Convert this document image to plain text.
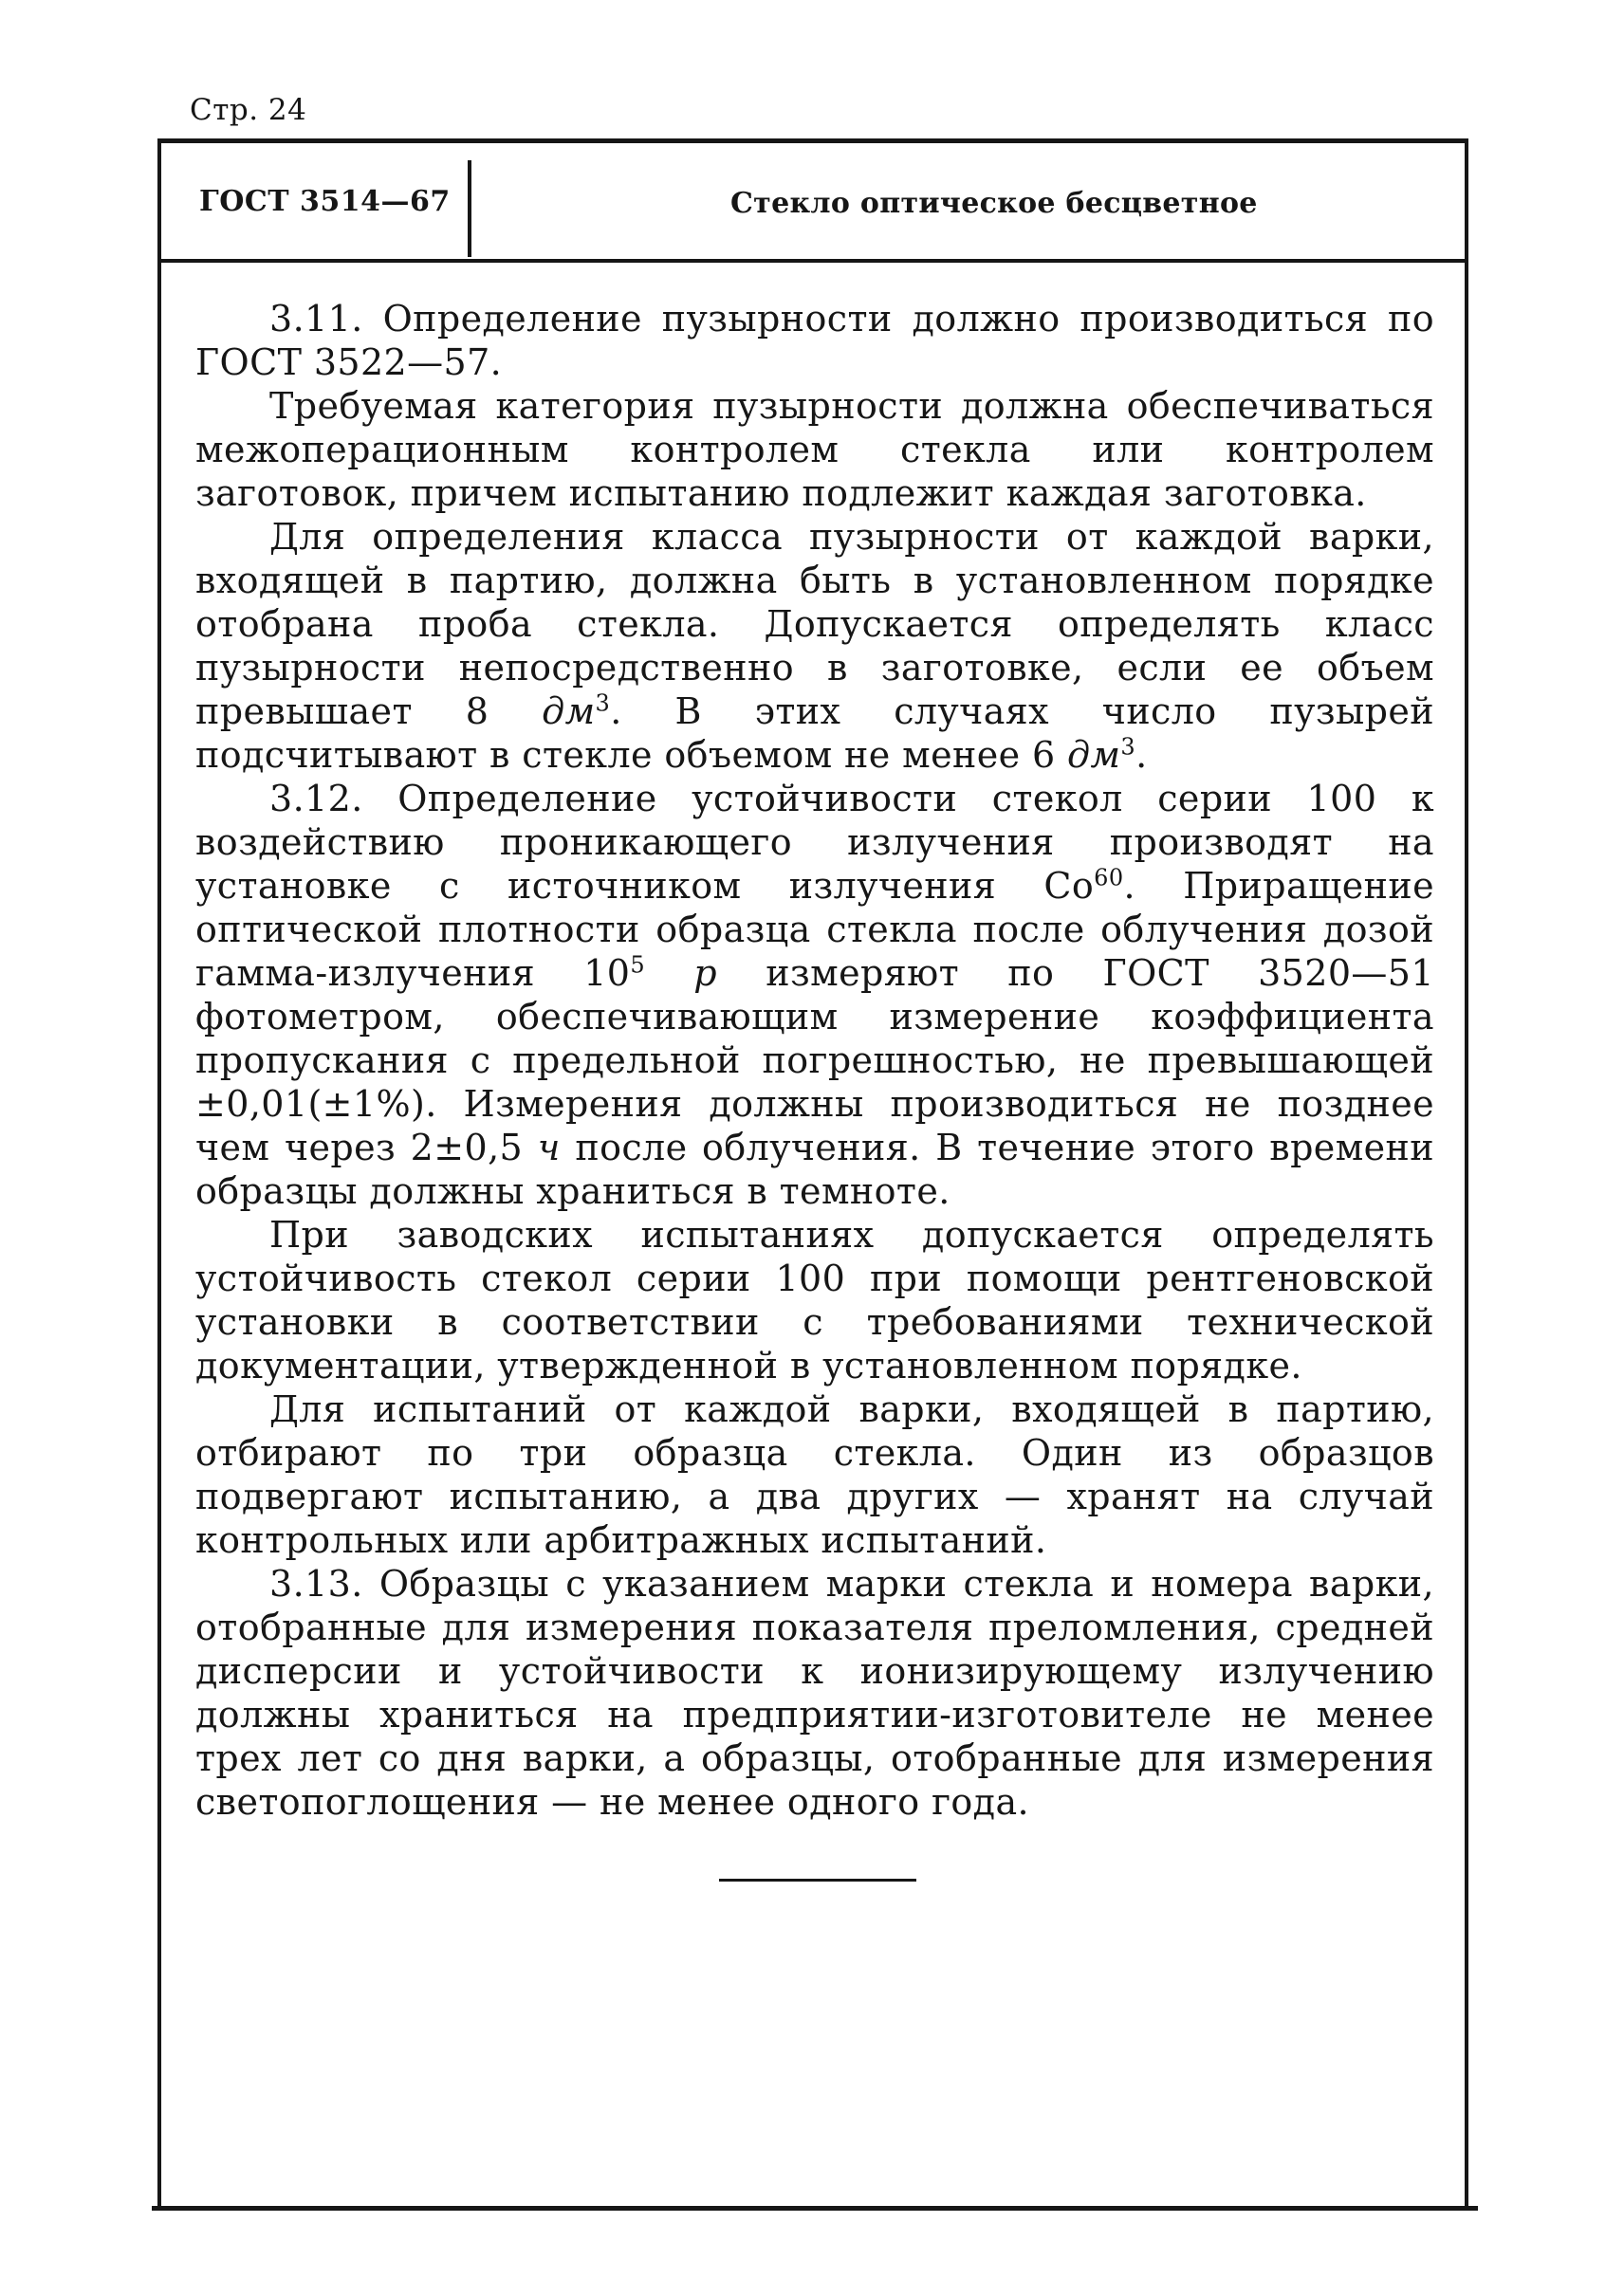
Стр. 24
ГОСТ 3514—67	Стекло оптическое бесцветное

3.11. Определение пузырности должно производиться по ГОСТ 3522—57.

Требуемая категория пузырности должна обеспечиваться межоперационным контролем стекла или контролем заготовок, причем испытанию подлежит каждая заготовка.

Для определения класса пузырности от каждой варки, входящей в партию, должна быть в установленном порядке отобрана проба стекла. Допускается определять класс пузырности непосредственно в заготовке, если ее объем превышает 8 $дм^3$. В этих случаях число пузырей подсчитывают в стекле объемом не менее 6 $дм^3$.

3.12. Определение устойчивости стекол серии 100 к воздействию проникающего излучения производят на установке с источником излучения Co$^{60}$. Приращение оптической плотности образца стекла после облучения дозой гамма-излучения $10^5$ р измеряют по ГОСТ 3520—51 фотометром, обеспечивающим измерение коэффициента пропускания с предельной погрешностью, не превышающей ±0,01(±1%). Измерения должны производиться не позднее чем через 2±0,5 ч после облучения. В течение этого времени образцы должны храниться в темноте.

При заводских испытаниях допускается определять устойчивость стекол серии 100 при помощи рентгеновской установки в соответствии с требованиями технической документации, утвержденной в установленном порядке.

Для испытаний от каждой варки, входящей в партию, отбирают по три образца стекла. Один из образцов подвергают испытанию, а два других — хранят на случай контрольных или арбитражных испытаний.

3.13. Образцы с указанием марки стекла и номера варки, отобранные для измерения показателя преломления, средней дисперсии и устойчивости к ионизирующему излучению должны храниться на предприятии-изготовителе не менее трех лет со дня варки, а образцы, отобранные для измерения светопоглощения — не менее одного года.
